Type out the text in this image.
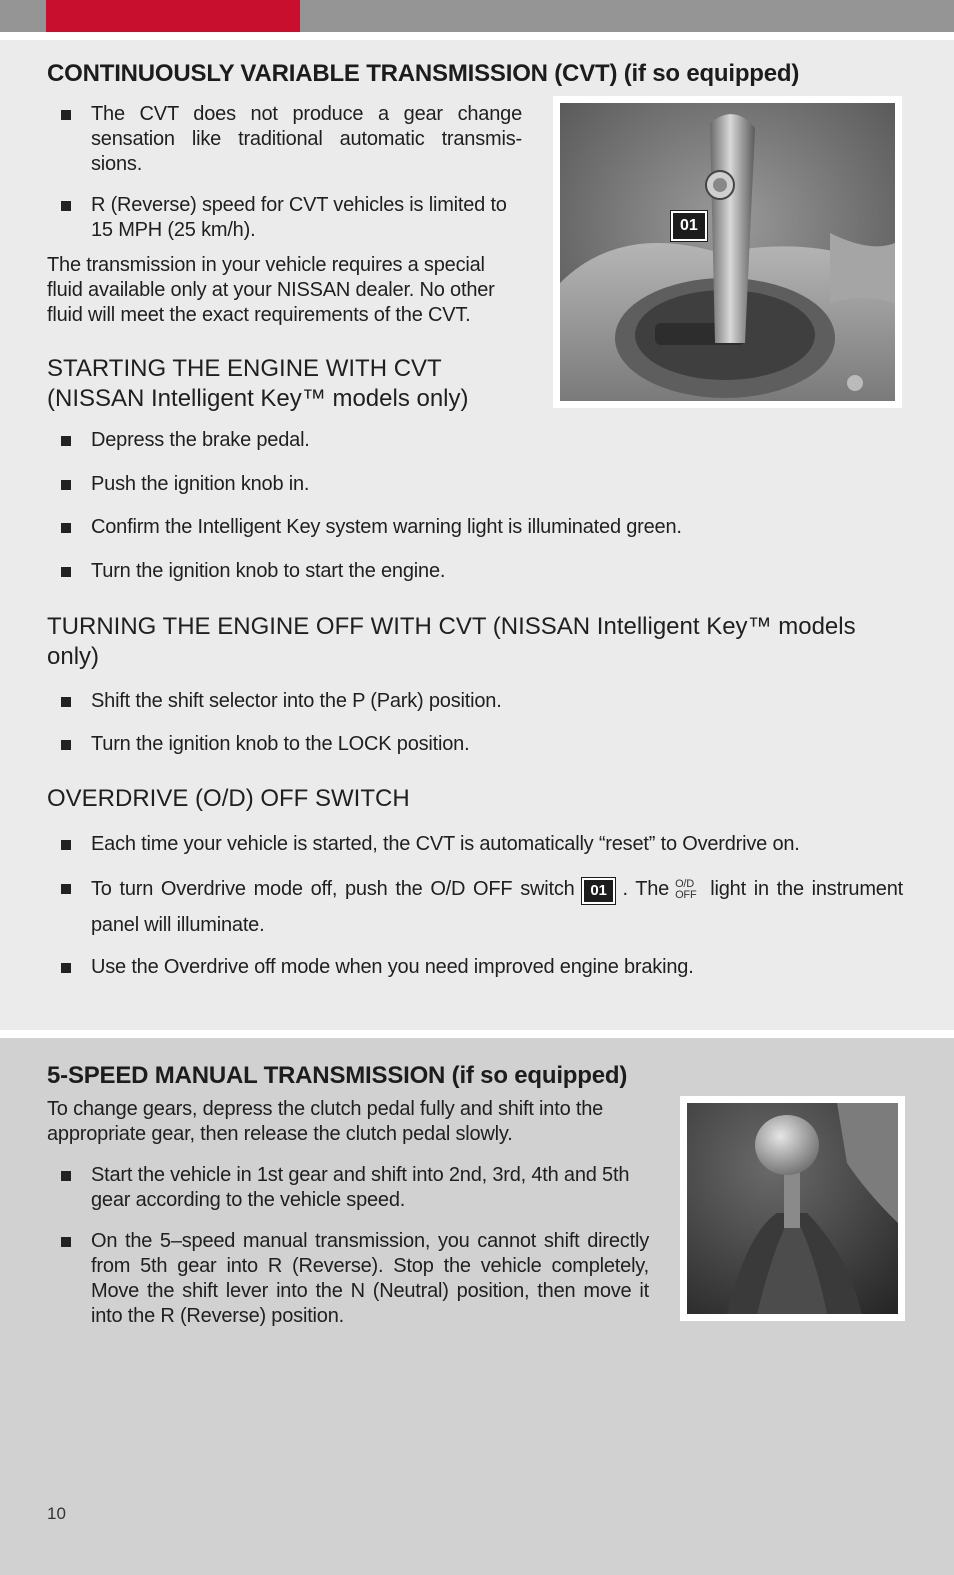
CONTINUOUSLY VARIABLE TRANSMISSION (CVT) (if so equipped)
The CVT does not produce a gear change sensation like traditional automatic transmis-sions.
R (Reverse) speed for CVT vehicles is limited to 15 MPH (25 km/h).

The transmission in your vehicle requires a special fluid available only at your NISSAN dealer. No other fluid will meet the exact requirements of the CVT.

01
STARTING THE ENGINE WITH CVT
(NISSAN Intelligent Key™ models only)
Depress the brake pedal.
Push the ignition knob in.
Confirm the Intelligent Key system warning light is illuminated green.
Turn the ignition knob to start the engine.
TURNING THE ENGINE OFF WITH CVT (NISSAN Intelligent Key™ models only)
Shift the shift selector into the P (Park) position.
Turn the ignition knob to the LOCK position.
OVERDRIVE (O/D) OFF SWITCH
Each time your vehicle is started, the CVT is automatically “reset” to Overdrive on.
To turn Overdrive mode off, push the O/D OFF switch 01 . The O/D
OFF light in the instrument panel will illuminate.
Use the Overdrive off mode when you need improved engine braking.
5-SPEED MANUAL TRANSMISSION (if so equipped)

To change gears, depress the clutch pedal fully and shift into the appropriate gear, then release the clutch pedal slowly.

Start the vehicle in 1st gear and shift into 2nd, 3rd, 4th and 5th gear according to the vehicle speed.
On the 5–speed manual transmission, you cannot shift directly from 5th gear into R (Reverse). Stop the vehicle completely, Move the shift lever into the N (Neutral) position, then move it into the R (Reverse) position.
10
